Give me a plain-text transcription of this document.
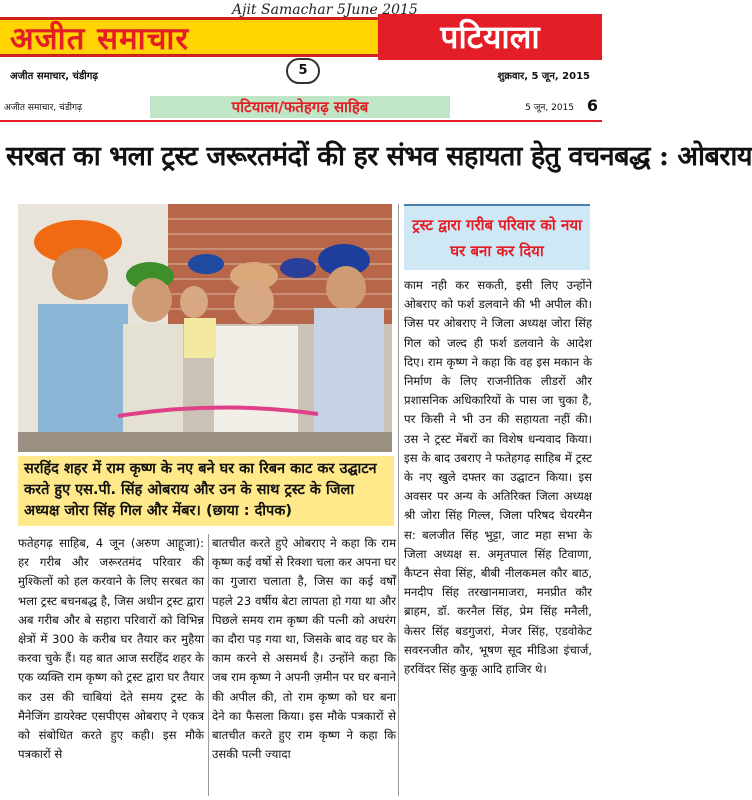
अजीत समाचार	पटियाला
Ajit Samachar 5June 2015
अजीत समाचार, चंडीगढ़	5	शुक्रवार, 5 जून, 2015
अजीत समाचार, चंडीगढ़	पटियाला/फतेहगढ़ साहिब	5 जून, 2015 6
सरबत का भला ट्रस्ट जरूरतमंदों की हर संभव सहायता हेतु वचनबद्ध : ओबराय
सरहिंद शहर में राम कृष्ण के नए बने घर का रिबन काट कर उद्घाटन करते हुए एस.पी. सिंह ओबराय और उन के साथ ट्रस्ट के जिला अध्यक्ष जोरा सिंह गिल और मेंबर। (छाया : दीपक)
ट्रस्ट द्वारा गरीब परिवार को नया घर बना कर दिया

काम नही कर सकती, इसी लिए उन्होंने ओबराए को फर्श डलवाने की भी अपील की। जिस पर ओबराए ने जिला अध्यक्ष जोरा सिंह गिल को जल्द ही फर्श डलवाने के आदेश दिए। राम कृष्ण ने कहा कि वह इस मकान के निर्माण के लिए राजनीतिक लीडरों और प्रशासनिक अधिकारियों के पास जा चुका है, पर किसी ने भी उन की सहायता नहीं की। उस ने ट्रस्ट मेंबरों का विशेष धन्यवाद किया। इस के बाद उबराए ने फतेहगढ़ साहिब में ट्रस्ट के नए खुले दफ्तर का उद्घाटन किया। इस अवसर पर अन्य के अतिरिक्त जिला अध्यक्ष श्री जोरा सिंह गिल्ल, जिला परिषद चेयरमैन स: बलजीत सिंह भुट्टा, जाट महा सभा के जिला अध्यक्ष स. अमृतपाल सिंह टिवाणा, कैप्टन सेवा सिंह, बीबी नीलकमल कौर बाठ, मनदीप सिंह तरखानमाजरा, मनप्रीत कौर ब्राहम, डॉ. करनैल सिंह, प्रेम सिंह मनैली, केसर सिंह बडगुजरां, मेजर सिंह, एडवोकेट सवरनजीत कौर, भूषण सूद मीडिआ इंचार्ज, हरविंदर सिंह कुकू आदि हाजिर थे।

फतेहगढ़ साहिब, 4 जून (अरुण आहूजा): हर गरीब और जरूरतमंद परिवार की मुश्किलों को हल करवाने के लिए सरबत का भला ट्रस्ट बचनबद्ध है, जिस अधीन ट्रस्ट द्वारा अब गरीब और बे सहारा परिवारों को विभिन्न क्षेत्रों में 300 के करीब घर तैयार कर मुहैया करवा चुके हैं। यह बात आज सरहिंद शहर के एक व्यक्ति राम कृष्ण को ट्रस्ट द्वारा घर तैयार कर उस की चाबियां देते समय ट्रस्ट के मैनेजिंग डायरेक्ट एसपीएस ओबराए ने एकत्र को संबोधित करते हुए कही। इस मौके पत्रकारों से

बातचीत करते हुऐ ओबराए ने कहा कि राम कृष्ण कई वर्षो से रिक्शा चला कर अपना घर का गुजारा चलाता है, जिस का कई वर्षों पहले 23 वर्षीय बेटा लापता हो गया था और पिछले समय राम कृष्ण की पत्नी को अधरंग का दौरा पड़ गया था, जिसके बाद वह घर के काम करने से असमर्थ है। उन्होंने कहा कि जब राम कृष्ण ने अपनी ज़मीन पर घर बनाने की अपील की, तो राम कृष्ण को घर बना देने का फैसला किया। इस मौके पत्रकारों से बातचीत करते हुए राम कृष्ण ने कहा कि उसकी पत्नी ज्यादा
